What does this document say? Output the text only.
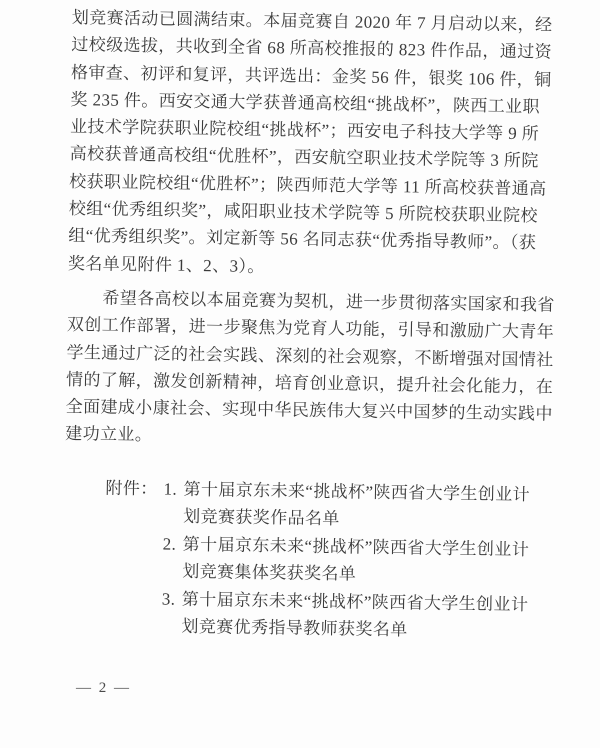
划竞赛活动已圆满结束。本届竞赛自 2020 年 7 月启动以来，经
过校级选拔，共收到全省 68 所高校推报的 823 件作品，通过资
格审查、初评和复评，共评选出：金奖 56 件，银奖 106 件，铜
奖 235 件。西安交通大学获普通高校组“挑战杯”，陕西工业职
业技术学院获职业院校组“挑战杯”；西安电子科技大学等 9 所
高校获普通高校组“优胜杯”，西安航空职业技术学院等 3 所院
校获职业院校组“优胜杯”；陕西师范大学等 11 所高校获普通高
校组“优秀组织奖”，咸阳职业技术学院等 5 所院校获职业院校
组“优秀组织奖”。刘定新等 56 名同志获“优秀指导教师”。（获
奖名单见附件 1、2、3）。
希望各高校以本届竞赛为契机，进一步贯彻落实国家和我省
双创工作部署，进一步聚焦为党育人功能，引导和激励广大青年
学生通过广泛的社会实践、深刻的社会观察，不断增强对国情社
情的了解，激发创新精神，培育创业意识，提升社会化能力，在
全面建成小康社会、实现中华民族伟大复兴中国梦的生动实践中
建功立业。
附件： 1. 第十届京东未来“挑战杯”陕西省大学生创业计
划竞赛获奖作品名单
2. 第十届京东未来“挑战杯”陕西省大学生创业计
划竞赛集体奖获奖名单
3. 第十届京东未来“挑战杯”陕西省大学生创业计
划竞赛优秀指导教师获奖名单
— 2 —
